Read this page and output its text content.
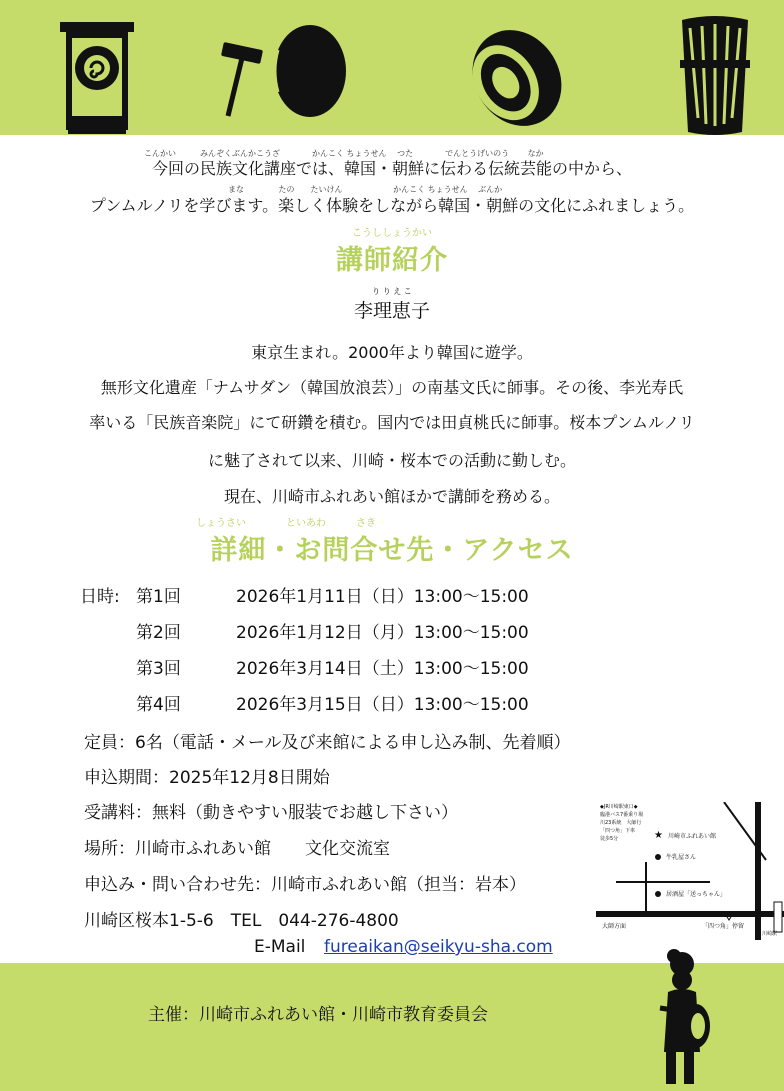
こんかい　　　みんぞくぶんかこうざ　　　　かんこく ちょうせん　 つた　　　　でんとうげいのう　　 なか
今回の民族文化講座では、韓国・朝鮮に伝わる伝統芸能の中から、
まな　　　　 たの　　たいけん　　　　　　 かんこく ちょうせん　 ぶんか
プンムルノリを学びます。楽しく体験をしながら韓国・朝鮮の文化にふれましょう。
こうししょうかい
講師紹介
り り え こ
李理恵子
東京生まれ。2000年より韓国に遊学。
無形文化遺産「ナムサダン（韓国放浪芸）」の南基文氏に師事。その後、李光寿氏
率いる「民族音楽院」にて研鑽を積む。国内では田貞桃氏に師事。桜本プンムルノリ
に魅了されて以来、川崎・桜本での活動に勤しむ。
現在、川崎市ふれあい館ほかで講師を務める。
しょうさい　　　　といあわ　　　さき
詳細・お問合せ先・アクセス
日時: 第1回	2026年1月11日（日）13:00～15:00
第2回	2026年1月12日（月）13:00～15:00
第3回	2026年3月14日（土）13:00～15:00
第4回	2026年3月15日（日）13:00～15:00
定員：6名（電話・メール及び来館による申し込み制、先着順）
申込期間：2025年12月8日開始
受講料：無料（動きやすい服装でお越し下さい）
場所：川崎市ふれあい館　　文化交流室
申込み・問い合わせ先：川崎市ふれあい館（担当：岩本）
川崎区桜本1-5-6　TEL　044-276-4800
E-Mail fureaikan@seikyu-sha.com
★
◆JR川崎駅東口◆
臨港バス7番乗り場
川23系統　大師行
「四つ角」下車
徒歩5分	川崎市ふれあい館
牛乳屋さん
居酒屋「送っちゃん」
「四つ角」停留
大師方面
川崎駅
主催：川崎市ふれあい館・川崎市教育委員会
